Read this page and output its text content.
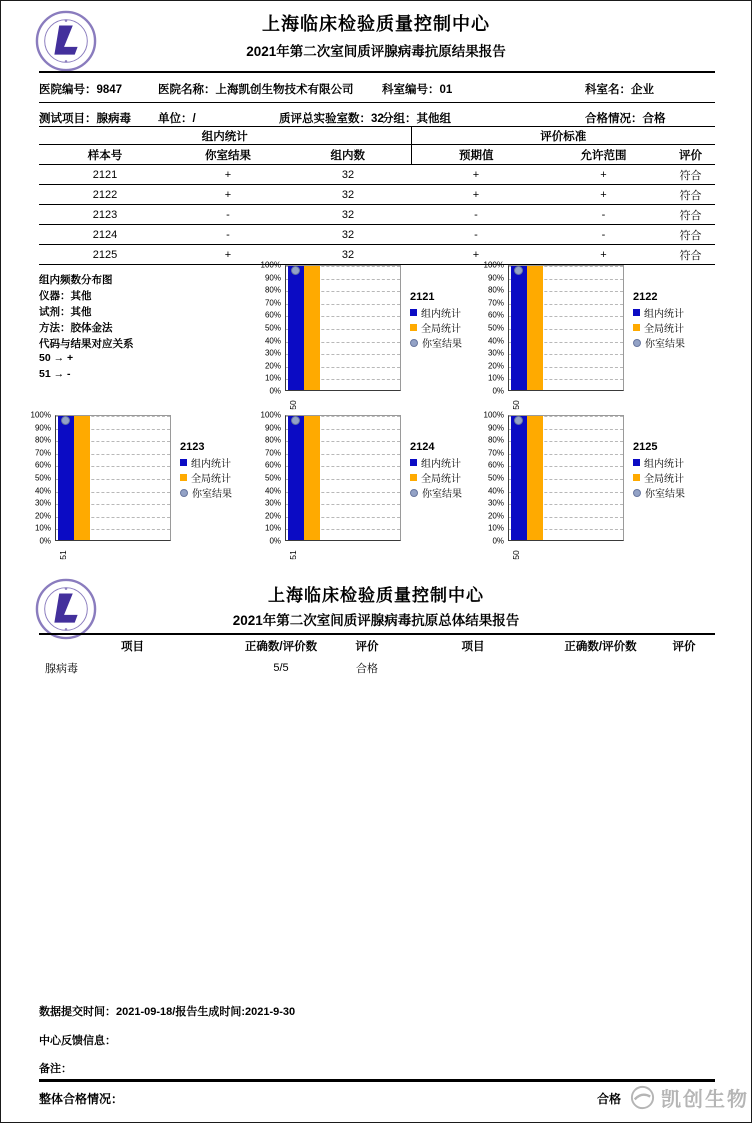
上海临床检验质量控制中心
2021年第二次室间质评腺病毒抗原结果报告
医院编号：9847	医院名称：上海凯创生物技术有限公司 科室编号：01	科室名：企业
测试项目：腺病毒 单位：/	质评总实验室数：32
分组：其他组	合格情况：合格
组内统计			评价标准		
样本号	你室结果	组内数	预期值	允许范围	评价
2121	+	32	+	+	符合
2122	+	32	+	+	符合
2123	-	32	-	-	符合
2124	-	32	-	-	符合
2125	+	32	+	+	符合
组内频数分布图
仪器：其他
试剂：其他
方法：胶体金法
代码与结果对应关系
50 → +
51 → -
100%
90%
80%
70%
60%
50%
40%
30%
20%
10%
0%
50
2121
组内统计
全局统计
你室结果
100%
90%
80%
70%
60%
50%
40%
30%
20%
10%
0%
50
2122
组内统计
全局统计
你室结果
100%
90%
80%
70%
60%
50%
40%
30%
20%
10%
0%
51
2123
组内统计
全局统计
你室结果
100%
90%
80%
70%
60%
50%
40%
30%
20%
10%
0%
51
2124
组内统计
全局统计
你室结果
100%
90%
80%
70%
60%
50%
40%
30%
20%
10%
0%
50
2125
组内统计
全局统计
你室结果
上海临床检验质量控制中心
2021年第二次室间质评腺病毒抗原总体结果报告
项目	正确数/评价数	评价	项目	正确数/评价数	评价
腺病毒	5/5	合格			
数据提交时间：2021-09-18/报告生成时间:2021-9-30
中心反馈信息：
备注：
整体合格情况：	合格 凯创生物
